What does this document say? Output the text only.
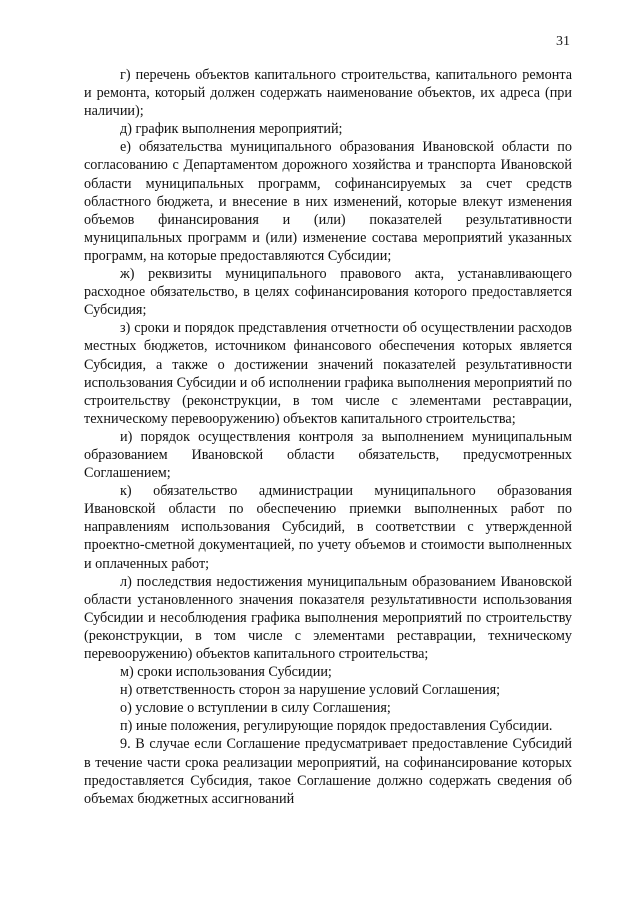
31

г) перечень объектов капитального строительства, капитального ремонта и ремонта, который должен содержать наименование объектов, их адреса (при наличии);

д) график выполнения мероприятий;

е) обязательства муниципального образования Ивановской области по согласованию с Департаментом дорожного хозяйства и транспорта Ивановской области муниципальных программ, софинансируемых за счет средств областного бюджета, и внесение в них изменений, которые влекут изменения объемов финансирования и (или) показателей результативности муниципальных программ и (или) изменение состава мероприятий указанных программ, на которые предоставляются Субсидии;

ж) реквизиты муниципального правового акта, устанавливающего расходное обязательство, в целях софинансирования которого предоставляется Субсидия;

з) сроки и порядок представления отчетности об осуществлении расходов местных бюджетов, источником финансового обеспечения которых является Субсидия, а также о достижении значений показателей результативности использования Субсидии и об исполнении графика выполнения мероприятий по строительству (реконструкции, в том числе с элементами реставрации, техническому перевооружению) объектов капитального строительства;

и) порядок осуществления контроля за выполнением муниципальным образованием Ивановской области обязательств, предусмотренных Соглашением;

к) обязательство администрации муниципального образования Ивановской области по обеспечению приемки выполненных работ по направлениям использования Субсидий, в соответствии с утвержденной проектно-сметной документацией, по учету объемов и стоимости выполненных и оплаченных работ;

л) последствия недостижения муниципальным образованием Ивановской области установленного значения показателя результативности использования Субсидии и несоблюдения графика выполнения мероприятий по строительству (реконструкции, в том числе с элементами реставрации, техническому перевооружению) объектов капитального строительства;

м) сроки использования Субсидии;

н) ответственность сторон за нарушение условий Соглашения;

о) условие о вступлении в силу Соглашения;

п) иные положения, регулирующие порядок предоставления Субсидии.

9. В случае если Соглашение предусматривает предоставление Субсидий в течение части срока реализации мероприятий, на софинансирование которых предоставляется Субсидия, такое Соглашение должно содержать сведения об объемах бюджетных ассигнований
